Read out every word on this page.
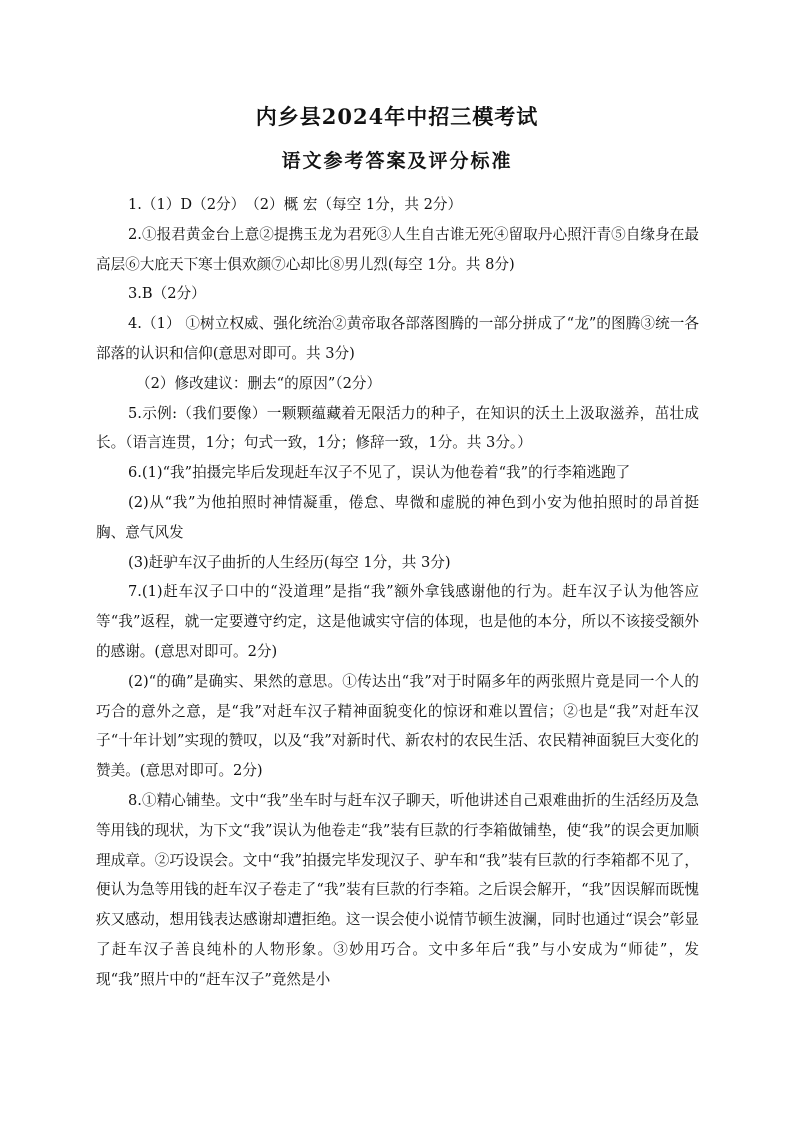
内乡县2024年中招三模考试
语文参考答案及评分标准

1.（1）D（2分）　（2）概 宏（每空 1分，共 2分）

2.①报君黄金台上意②提携玉龙为君死③人生自古谁无死④留取丹心照汗青⑤自缘身在最高层⑥大庇天下寒士俱欢颜⑦心却比⑧男儿烈(每空 1分。共 8分)

3.B（2分）

4.（1） ①树立权威、强化统治②黄帝取各部落图腾的一部分拼成了“龙”的图腾③统一各部落的认识和信仰(意思对即可。共 3分)

（2）修改建议：删去“的原因”（2分）

5.示例:（我们要像）一颗颗蕴藏着无限活力的种子，在知识的沃土上汲取滋养，茁壮成长。（语言连贯，1分；句式一致，1分；修辞一致，1分。共 3分。）

6.(1)“我”拍摄完毕后发现赶车汉子不见了，误认为他卷着“我”的行李箱逃跑了

(2)从“我”为他拍照时神情凝重，倦怠、卑微和虚脱的神色到小安为他拍照时的昂首挺胸、意气风发

(3)赶驴车汉子曲折的人生经历(每空 1分，共 3分)

7.(1)赶车汉子口中的“没道理”是指“我”额外拿钱感谢他的行为。赶车汉子认为他答应等“我”返程，就一定要遵守约定，这是他诚实守信的体现，也是他的本分，所以不该接受额外的感谢。(意思对即可。2分)

(2)“的确”是确实、果然的意思。①传达出“我”对于时隔多年的两张照片竟是同一个人的巧合的意外之意，是“我”对赶车汉子精神面貌变化的惊讶和难以置信；②也是“我”对赶车汉子“十年计划”实现的赞叹，以及“我”对新时代、新农村的农民生活、农民精神面貌巨大变化的赞美。(意思对即可。2分)

8.①精心铺垫。文中“我”坐车时与赶车汉子聊天，听他讲述自己艰难曲折的生活经历及急等用钱的现状，为下文“我”误认为他卷走“我”装有巨款的行李箱做铺垫，使“我”的误会更加顺理成章。②巧设误会。文中“我”拍摄完毕发现汉子、驴车和“我”装有巨款的行李箱都不见了，便认为急等用钱的赶车汉子卷走了“我”装有巨款的行李箱。之后误会解开，“我”因误解而既愧疚又感动，想用钱表达感谢却遭拒绝。这一误会使小说情节顿生波澜，同时也通过“误会”彰显了赶车汉子善良纯朴的人物形象。③妙用巧合。文中多年后“我”与小安成为“师徒”，发现“我”照片中的“赶车汉子”竟然是小
